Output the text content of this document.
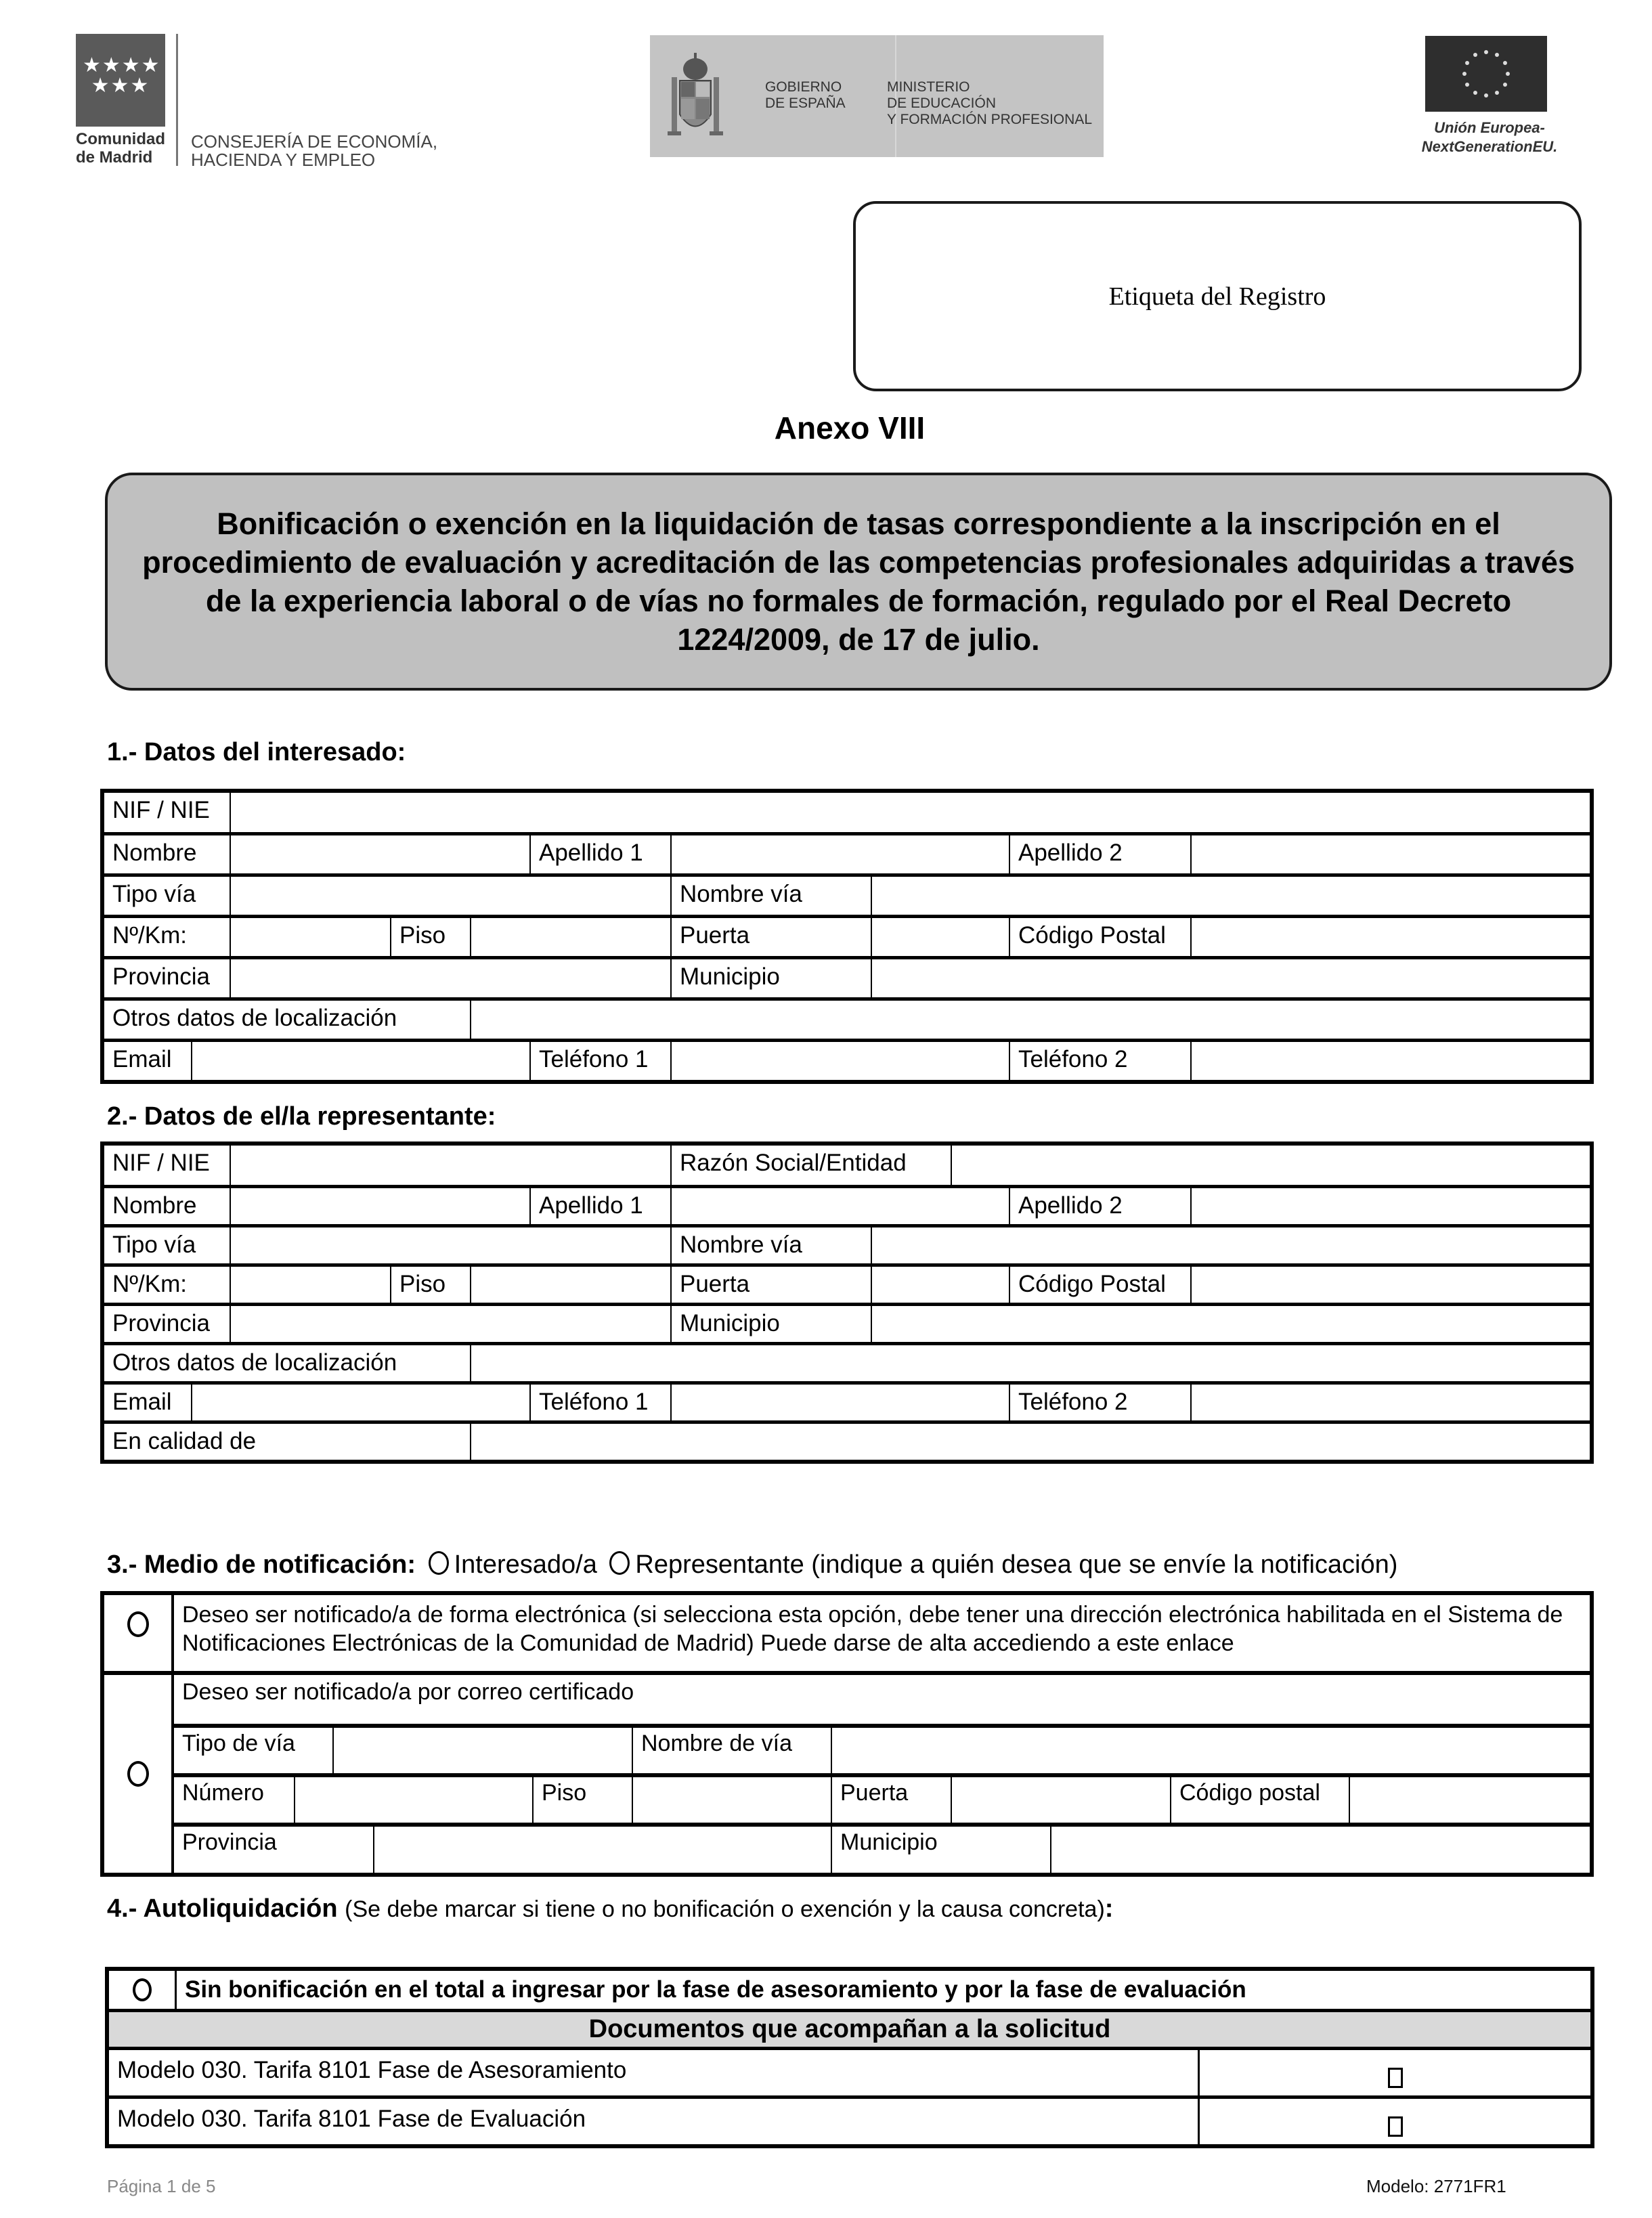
★★★★
★★★
Comunidad
de Madrid
CONSEJERÍA DE ECONOMÍA,
HACIENDA Y EMPLEO
GOBIERNO
DE ESPAÑA
MINISTERIO
DE EDUCACIÓN
Y FORMACIÓN PROFESIONAL	Unión Europea-
NextGenerationEU.
Etiqueta del Registro
Anexo VIII
Bonificación o exención en la liquidación de tasas correspondiente a la inscripción en el procedimiento de evaluación y acreditación de las competencias profesionales adquiridas a través de la experiencia laboral o de vías no formales de formación, regulado por el Real Decreto 1224/2009, de 17 de julio.
1.- Datos del interesado:
NIF / NIE
Nombre	Apellido 1	Apellido 2
Tipo vía	Nombre vía
Nº/Km:	Piso	Puerta	Código Postal
Provincia	Municipio
Otros datos de localización
Email	Teléfono 1	Teléfono 2
2.- Datos de el/la representante:
NIF / NIE	Razón Social/Entidad
Nombre	Apellido 1	Apellido 2
Tipo vía	Nombre vía
Nº/Km:	Piso	Puerta	Código Postal
Provincia	Municipio
Otros datos de localización
Email	Teléfono 1	Teléfono 2
En calidad de
3.- Medio de notificación: Interesado/a Representante (indique a quién desea que se envíe la notificación)
Deseo ser notificado/a de forma electrónica (si selecciona esta opción, debe tener una dirección electrónica habilitada en el Sistema de Notificaciones Electrónicas de la Comunidad de Madrid) Puede darse de alta accediendo a este enlace
Deseo ser notificado/a por correo certificado
Tipo de vía	Nombre de vía
Número	Piso	Puerta	Código postal
Provincia	Municipio
4.- Autoliquidación (Se debe marcar si tiene o no bonificación o exención y la causa concreta):
Sin bonificación en el total a ingresar por la fase de asesoramiento y por la fase de evaluación
Documentos que acompañan a la solicitud
Modelo 030. Tarifa 8101 Fase de Asesoramiento
Modelo 030. Tarifa 8101 Fase de Evaluación
Página 1 de 5	Modelo: 2771FR1
